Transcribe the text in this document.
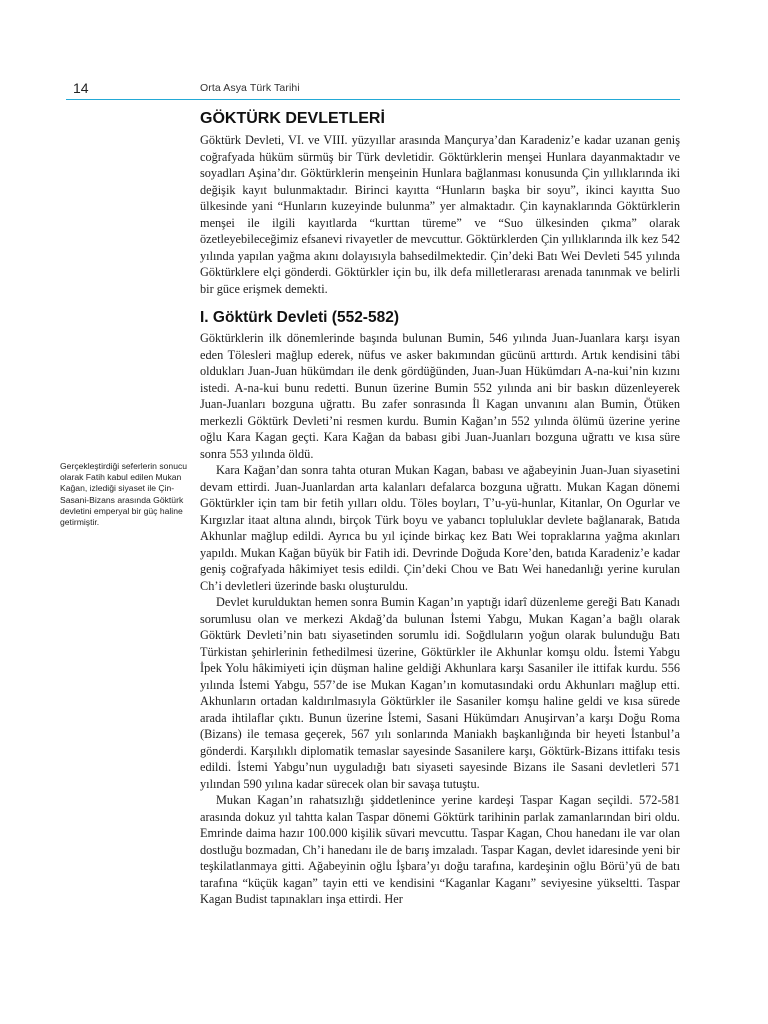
14	Orta Asya Türk Tarihi
GÖKTÜRK DEVLETLERİ

Göktürk Devleti, VI. ve VIII. yüzyıllar arasında Mançurya’dan Karadeniz’e kadar uzanan geniş coğrafyada hüküm sürmüş bir Türk devletidir. Göktürklerin menşei Hunlara dayanmaktadır ve soyadları Aşina’dır. Göktürklerin menşeinin Hunlara bağlanması konusunda Çin yıllıklarında iki değişik kayıt bulunmaktadır. Birinci kayıtta “Hunların başka bir soyu”, ikinci kayıtta Suo ülkesinde yani “Hunların kuzeyinde bulunma” yer almaktadır. Çin kaynaklarında Göktürklerin menşei ile ilgili kayıtlarda “kurttan türeme” ve “Suo ülkesinden çıkma” olarak özetleyebileceğimiz efsanevi rivayetler de mevcuttur. Göktürklerden Çin yıllıklarında ilk kez 542 yılında yapılan yağma akını dolayısıyla bahsedilmektedir. Çin’deki Batı Wei Devleti 545 yılında Göktürklere elçi gönderdi. Göktürkler için bu, ilk defa milletlerarası arenada tanınmak ve belirli bir güce erişmek demekti.

I. Göktürk Devleti (552-582)

Göktürklerin ilk dönemlerinde başında bulunan Bumin, 546 yılında Juan-Juanlara karşı isyan eden Tölesleri mağlup ederek, nüfus ve asker bakımından gücünü arttırdı. Artık kendisini tâbi oldukları Juan-Juan hükümdarı ile denk gördüğünden, Juan-Juan Hükümdarı A-na-kui’nin kızını istedi. A-na-kui bunu redetti. Bunun üzerine Bumin 552 yılında ani bir baskın düzenleyerek Juan-Juanları bozguna uğrattı. Bu zafer sonrasında İl Kagan unvanını alan Bumin, Ötüken merkezli Göktürk Devleti’ni resmen kurdu. Bumin Kağan’ın 552 yılında ölümü üzerine yerine oğlu Kara Kagan geçti. Kara Kağan da babası gibi Juan-Juanları bozguna uğrattı ve kısa süre sonra 553 yılında öldü.

Kara Kağan’dan sonra tahta oturan Mukan Kagan, babası ve ağabeyinin Juan-Juan siyasetini devam ettirdi. Juan-Juanlardan arta kalanları defalarca bozguna uğrattı. Mukan Kagan dönemi Göktürkler için tam bir fetih yılları oldu. Töles boyları, T’u-yü-hunlar, Kitanlar, On Ogurlar ve Kırgızlar itaat altına alındı, birçok Türk boyu ve yabancı topluluklar devlete bağlanarak, Batıda Akhunlar mağlup edildi. Ayrıca bu yıl içinde birkaç kez Batı Wei topraklarına yağma akınları yapıldı. Mukan Kağan büyük bir Fatih idi. Devrinde Doğuda Kore’den, batıda Karadeniz’e kadar geniş coğrafyada hâkimiyet tesis edildi. Çin’deki Chou ve Batı Wei hanedanlığı yerine kurulan Ch’i devletleri üzerinde baskı oluşturuldu.

Devlet kurulduktan hemen sonra Bumin Kagan’ın yaptığı idarî düzenleme gereği Batı Kanadı sorumlusu olan ve merkezi Akdağ’da bulunan İstemi Yabgu, Mukan Kagan’a bağlı olarak Göktürk Devleti’nin batı siyasetinden sorumlu idi. Soğdluların yoğun olarak bulunduğu Batı Türkistan şehirlerinin fethedilmesi üzerine, Göktürkler ile Akhunlar komşu oldu. İstemi Yabgu İpek Yolu hâkimiyeti için düşman haline geldiği Akhunlara karşı Sasaniler ile ittifak kurdu. 556 yılında İstemi Yabgu, 557’de ise Mukan Kagan’ın komutasındaki ordu Akhunları mağlup etti. Akhunların ortadan kaldırılmasıyla Göktürkler ile Sasaniler komşu haline geldi ve kısa sürede arada ihtilaflar çıktı. Bunun üzerine İstemi, Sasani Hükümdarı Anuşirvan’a karşı Doğu Roma (Bizans) ile temasa geçerek, 567 yılı sonlarında Maniakh başkanlığında bir heyeti İstanbul’a gönderdi. Karşılıklı diplomatik temaslar sayesinde Sasanilere karşı, Göktürk-Bizans ittifakı tesis edildi. İstemi Yabgu’nun uyguladığı batı siyaseti sayesinde Bizans ile Sasani devletleri 571 yılından 590 yılına kadar sürecek olan bir savaşa tutuştu.

Mukan Kagan’ın rahatsızlığı şiddetlenince yerine kardeşi Taspar Kagan seçildi. 572-581 arasında dokuz yıl tahtta kalan Taspar dönemi Göktürk tarihinin parlak zamanlarından biri oldu. Emrinde daima hazır 100.000 kişilik süvari mevcuttu. Taspar Kagan, Chou hanedanı ile var olan dostluğu bozmadan, Ch’i hanedanı ile de barış imzaladı. Taspar Kagan, devlet idaresinde yeni bir teşkilatlanmaya gitti. Ağabeyinin oğlu İşbara’yı doğu tarafına, kardeşinin oğlu Börü’yü de batı tarafına “küçük kagan” tayin etti ve kendisini “Kaganlar Kaganı” seviyesine yükseltti. Taspar Kagan Budist tapınakları inşa ettirdi. Her

Gerçekleştirdiği seferlerin sonucu olarak Fatih kabul edilen Mukan Kağan, izlediği siyaset ile Çin-Sasani-Bizans arasında Göktürk devletini emperyal bir güç haline getirmiştir.
